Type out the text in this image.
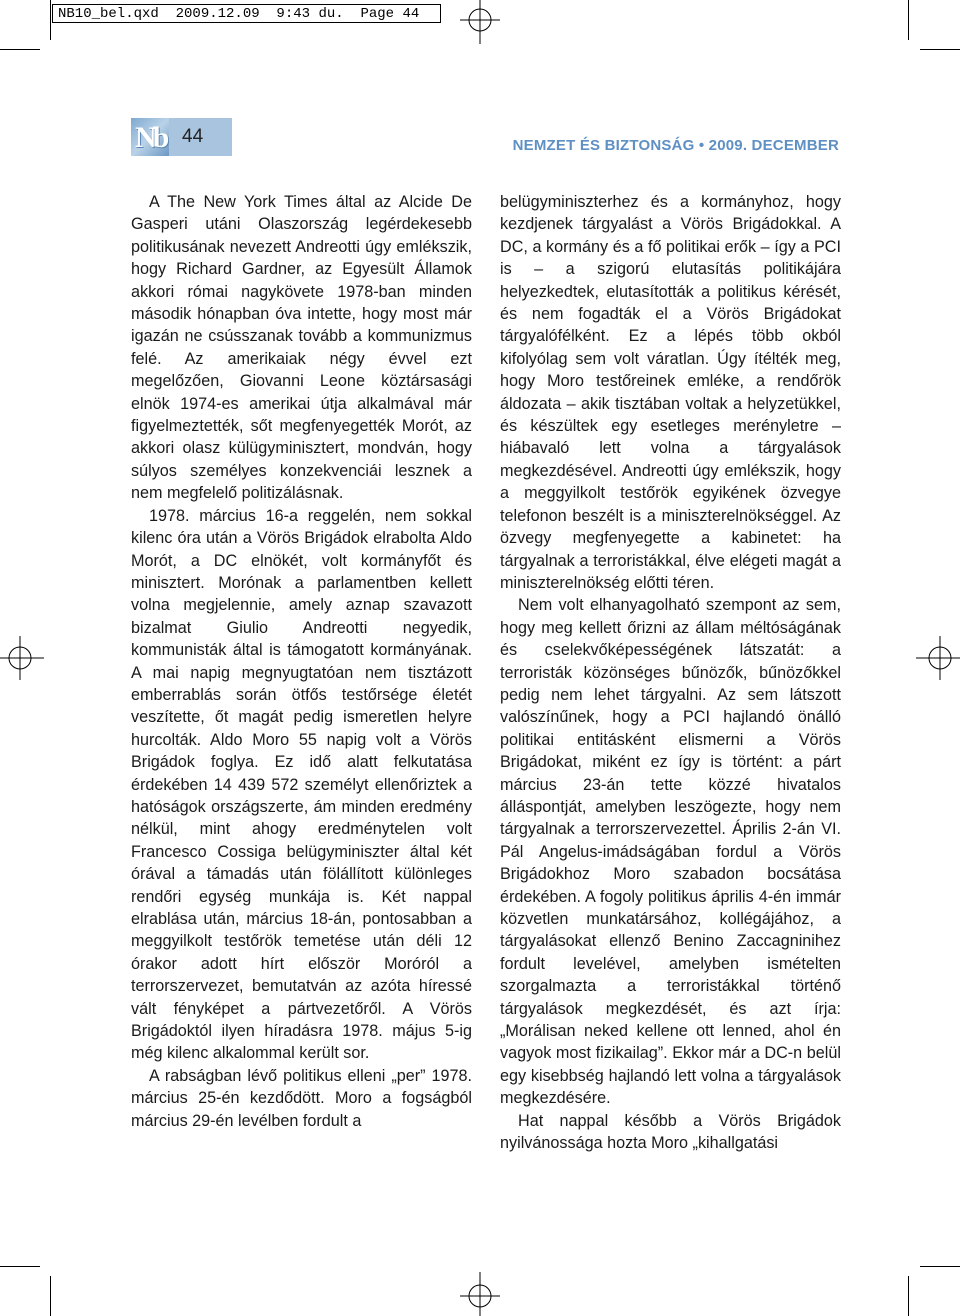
NB10_bel.qxd  2009.12.09  9:43 du.  Page 44
Nb 44	NEMZET ÉS BIZTONSÁG • 2009. DECEMBER

A The New York Times által az Alcide De Gasperi utáni Olaszország legérdekesebb politikusának nevezett Andreotti úgy emlékszik, hogy Richard Gardner, az Egyesült Államok akkori római nagykövete 1978-ban minden második hónapban óva intette, hogy most már igazán ne csússzanak tovább a kommunizmus felé. Az amerikaiak négy évvel ezt megelőzően, Giovanni Leone köztársasági elnök 1974-es amerikai útja alkalmával már figyelmeztették, sőt megfenyegették Morót, az akkori olasz külügyminisztert, mondván, hogy súlyos személyes konzekvenciái lesznek a nem megfelelő politizálásnak.

1978. március 16-a reggelén, nem sokkal kilenc óra után a Vörös Brigádok elrabolta Aldo Morót, a DC elnökét, volt kormányfőt és minisztert. Morónak a parlamentben kellett volna megjelennie, amely aznap szavazott bizalmat Giulio Andreotti negyedik, kommunisták által is támogatott kormányának. A mai napig megnyugtatóan nem tisztázott emberrablás során ötfős testőrsége életét veszítette, őt magát pedig ismeretlen helyre hurcolták. Aldo Moro 55 napig volt a Vörös Brigádok foglya. Ez idő alatt felkutatása érdekében 14 439 572 személyt ellenőriztek a hatóságok országszerte, ám minden eredmény nélkül, mint ahogy eredménytelen volt Francesco Cossiga belügyminiszter által két órával a támadás után fölállított különleges rendőri egység munkája is. Két nappal elrablása után, március 18-án, pontosabban a meggyilkolt testőrök temetése után déli 12 órakor adott hírt először Moróról a terrorszervezet, bemutatván az azóta híressé vált fényképet a pártvezetőről. A Vörös Brigádoktól ilyen híradásra 1978. május 5-ig még kilenc alkalommal került sor.

A rabságban lévő politikus elleni „per” 1978. március 25-én kezdődött. Moro a fogságból március 29-én levélben fordult a

belügyminiszterhez és a kormányhoz, hogy kezdjenek tárgyalást a Vörös Brigádokkal. A DC, a kormány és a fő politikai erők – így a PCI is – a szigorú elutasítás politikájára helyezkedtek, elutasították a politikus kérését, és nem fogadták el a Vörös Brigádokat tárgyalófélként. Ez a lépés több okból kifolyólag sem volt váratlan. Úgy ítélték meg, hogy Moro testőreinek emléke, a rendőrök áldozata – akik tisztában voltak a helyzetükkel, és készültek egy esetleges merényletre – hiábavaló lett volna a tárgyalások megkezdésével. Andreotti úgy emlékszik, hogy a meggyilkolt testőrök egyikének özvegye telefonon beszélt is a miniszterelnökséggel. Az özvegy megfenyegette a kabinetet: ha tárgyalnak a terroristákkal, élve elégeti magát a miniszterelnökség előtti téren.

Nem volt elhanyagolható szempont az sem, hogy meg kellett őrizni az állam méltóságának és cselekvőképességének látszatát: a terroristák közönséges bűnözők, bűnözőkkel pedig nem lehet tárgyalni. Az sem látszott valószínűnek, hogy a PCI hajlandó önálló politikai entitásként elismerni a Vörös Brigádokat, miként ez így is történt: a párt március 23-án tette közzé hivatalos álláspontját, amelyben leszögezte, hogy nem tárgyalnak a terrorszervezettel. Április 2-án VI. Pál Angelus-imádságában fordul a Vörös Brigádokhoz Moro szabadon bocsátása érdekében. A fogoly politikus április 4-én immár közvetlen munkatársához, kollégájához, a tárgyalásokat ellenző Benino Zaccagninihez fordult levelével, amelyben ismételten szorgalmazta a terroristákkal történő tárgyalások megkezdését, és azt írja: „Morálisan neked kellene ott lenned, ahol én vagyok most fizikailag”. Ekkor már a DC-n belül egy kisebbség hajlandó lett volna a tárgyalások megkezdésére.

Hat nappal később a Vörös Brigádok nyilvánossága hozta Moro „kihallgatási
